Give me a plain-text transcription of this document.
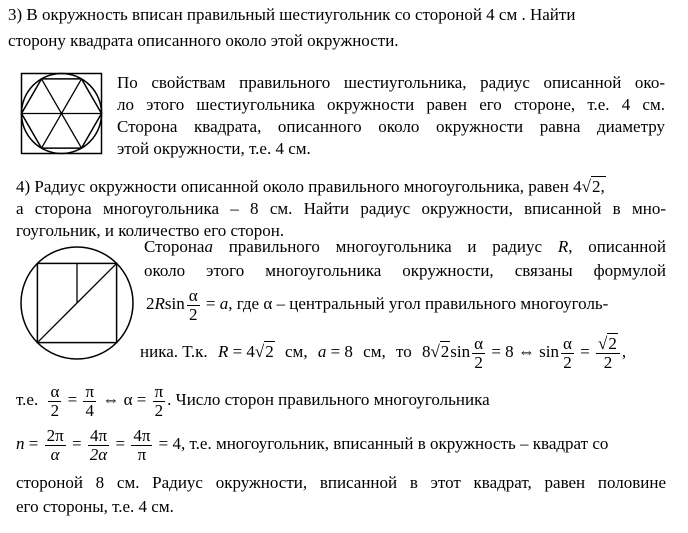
3) В окружность вписан правильный шестиугольник со стороной 4 см . Найти
сторону квадрата описанного около этой окружности.
По свойствам правильного шестиугольника, радиус описанной око-
ло этого шестиугольника окружности равен его стороне, т.е. 4 см.
Сторона квадрата, описанного около окружности равна диаметру
этой окружности, т.е. 4 см.
4) Радиус окружности описанной около правильного многоугольника, равен 4√2,
а сторона многоугольника – 8 см. Найти радиус окружности, вписанной в мно-
гоугольник, и количество его сторон.
Сторонаa правильного многоугольника и радиус R, описанной
около этого многоугольника окружности, связаны формулой
$2Rsin \frac{\alpha}{2} = a$, где α – центральный угол правильного многоуголь-
ника. Т.к. R = 4√2 см, a = 8 см, то $8√2\sin \frac{\alpha}{2} = 8$ ⇔ $\sin \frac{\alpha}{2} = \frac{√2}{2}$ ,
т.е. $\frac{\alpha}{2} = \frac{\pi}{4}$ ⇔ $\alpha = \frac{\pi}{2}$ . Число сторон правильного многоугольника
$n = \frac{2\pi}{\alpha} = \frac{4\pi}{2\alpha} = \frac{4\pi}{\pi} = 4$, т.е. многоугольник, вписанный в окружность – квадрат со
стороной 8 см. Радиус окружности, вписанной в этот квадрат, равен половине
его стороны, т.е. 4 см.
